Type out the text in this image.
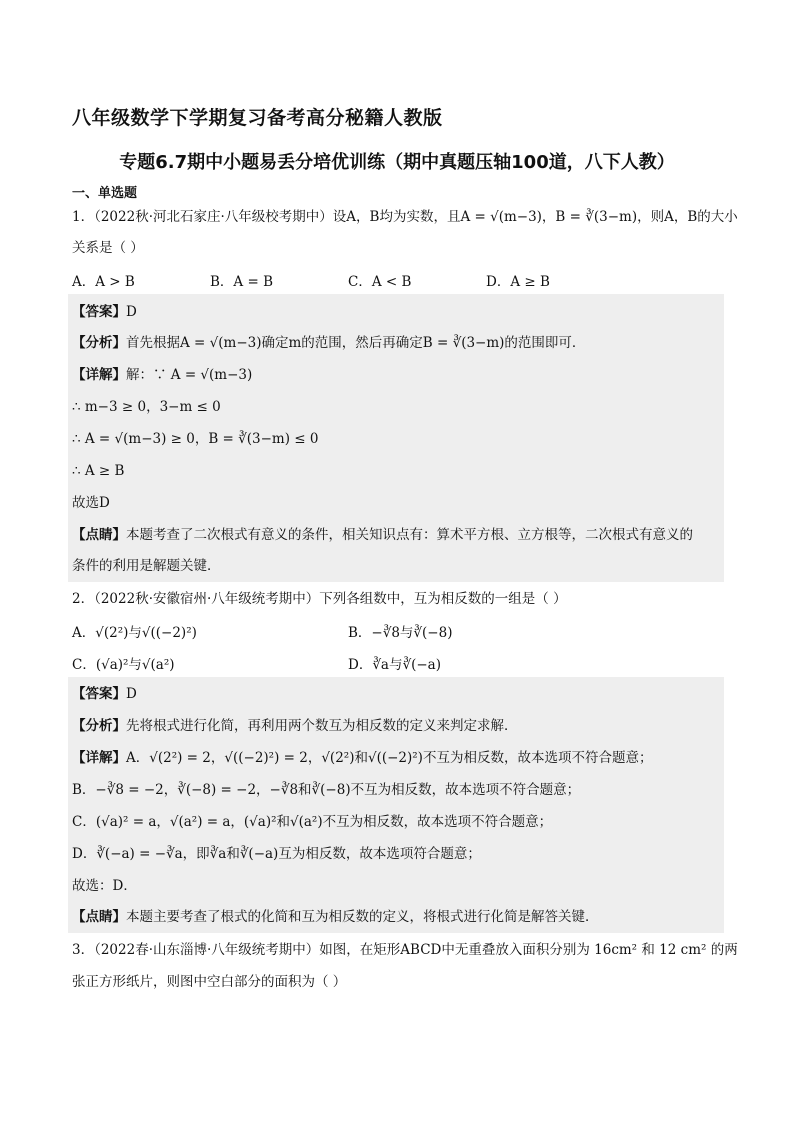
八年级数学下学期复习备考高分秘籍人教版
专题6.7期中小题易丢分培优训练（期中真题压轴100道，八下人教）
一、单选题
1．（2022秋·河北石家庄·八年级校考期中）设A，B均为实数，且A = √(m−3)，B = ∛(3−m)，则A，B的大小
关系是（ ）
A．A > B	B．A = B	C．A < B	D．A ≥ B
【答案】D
【分析】首先根据A = √(m−3)确定m的范围，然后再确定B = ∛(3−m)的范围即可．
【详解】解：∵ A = √(m−3)
∴ m−3 ≥ 0，3−m ≤ 0
∴ A = √(m−3) ≥ 0，B = ∛(3−m) ≤ 0
∴ A ≥ B
故选D
【点睛】本题考查了二次根式有意义的条件，相关知识点有：算术平方根、立方根等，二次根式有意义的
条件的利用是解题关键．
2．（2022秋·安徽宿州·八年级统考期中）下列各组数中，互为相反数的一组是（ ）
A．√(2²)与√((−2)²)	B．−∛8与∛(−8)
C．(√a)²与√(a²)	D．∛a与∛(−a)
【答案】D
【分析】先将根式进行化简，再利用两个数互为相反数的定义来判定求解．
【详解】A．√(2²) = 2，√((−2)²) = 2，√(2²)和√((−2)²)不互为相反数，故本选项不符合题意；
B．−∛8 = −2，∛(−8) = −2，−∛8和∛(−8)不互为相反数，故本选项不符合题意；
C．(√a)² = a，√(a²) = a，(√a)²和√(a²)不互为相反数，故本选项不符合题意；
D．∛(−a) = −∛a，即∛a和∛(−a)互为相反数，故本选项符合题意；
故选：D．
【点睛】本题主要考查了根式的化简和互为相反数的定义，将根式进行化简是解答关键．
3．（2022春·山东淄博·八年级统考期中）如图，在矩形ABCD中无重叠放入面积分别为 16cm² 和 12 cm² 的两
张正方形纸片，则图中空白部分的面积为（ ）
